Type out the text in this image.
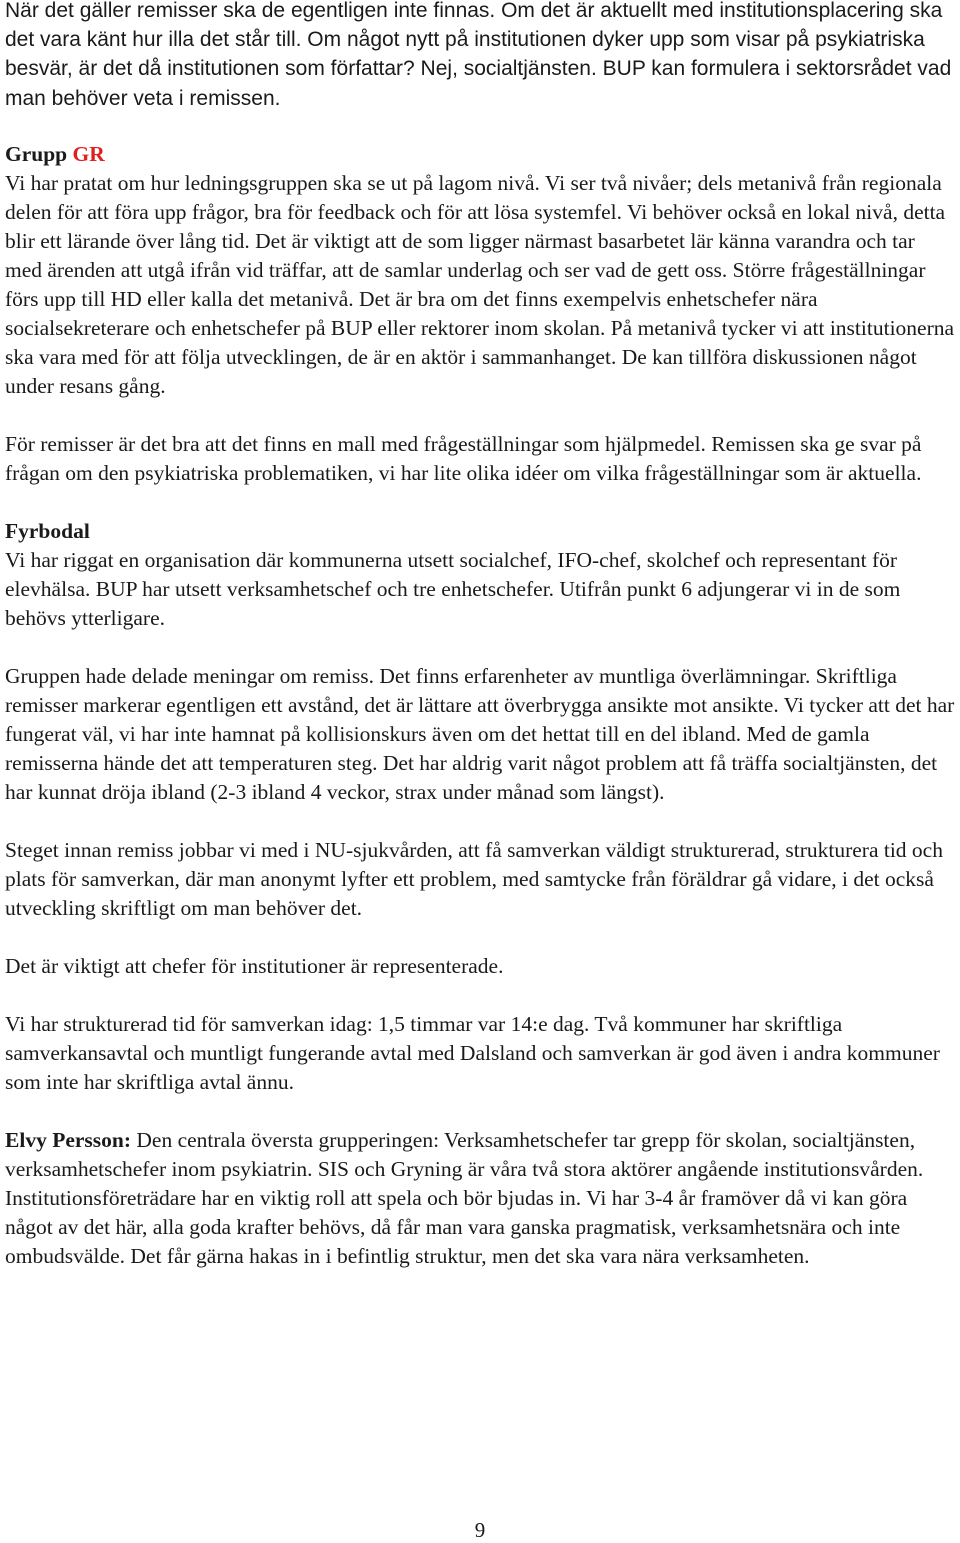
När det gäller remisser ska de egentligen inte finnas. Om det är aktuellt med institutionsplacering ska det vara känt hur illa det står till. Om något nytt på institutionen dyker upp som visar på psykiatriska besvär, är det då institutionen som författar? Nej, socialtjänsten. BUP kan formulera i sektorsrådet vad man behöver veta i remissen.

Grupp GR

Vi har pratat om hur ledningsgruppen ska se ut på lagom nivå. Vi ser två nivåer; dels metanivå från regionala delen för att föra upp frågor, bra för feedback och för att lösa systemfel. Vi behöver också en lokal nivå, detta blir ett lärande över lång tid. Det är viktigt att de som ligger närmast basarbetet lär känna varandra och tar med ärenden att utgå ifrån vid träffar, att de samlar underlag och ser vad de gett oss. Större frågeställningar förs upp till HD eller kalla det metanivå. Det är bra om det finns exempelvis enhetschefer nära socialsekreterare och enhetschefer på BUP eller rektorer inom skolan. På metanivå tycker vi att institutionerna ska vara med för att följa utvecklingen, de är en aktör i sammanhanget. De kan tillföra diskussionen något under resans gång.

För remisser är det bra att det finns en mall med frågeställningar som hjälpmedel. Remissen ska ge svar på frågan om den psykiatriska problematiken, vi har lite olika idéer om vilka frågeställningar som är aktuella.

Fyrbodal

Vi har riggat en organisation där kommunerna utsett socialchef, IFO-chef, skolchef och representant för elevhälsa. BUP har utsett verksamhetschef och tre enhetschefer. Utifrån punkt 6 adjungerar vi in de som behövs ytterligare.

Gruppen hade delade meningar om remiss. Det finns erfarenheter av muntliga överlämningar. Skriftliga remisser markerar egentligen ett avstånd, det är lättare att överbrygga ansikte mot ansikte. Vi tycker att det har fungerat väl, vi har inte hamnat på kollisionskurs även om det hettat till en del ibland. Med de gamla remisserna hände det att temperaturen steg. Det har aldrig varit något problem att få träffa socialtjänsten, det har kunnat dröja ibland (2-3 ibland 4 veckor, strax under månad som längst).

Steget innan remiss jobbar vi med i NU-sjukvården, att få samverkan väldigt strukturerad, strukturera tid och plats för samverkan, där man anonymt lyfter ett problem, med samtycke från föräldrar gå vidare, i det också utveckling skriftligt om man behöver det.

Det är viktigt att chefer för institutioner är representerade.

Vi har strukturerad tid för samverkan idag: 1,5 timmar var 14:e dag. Två kommuner har skriftliga samverkansavtal och muntligt fungerande avtal med Dalsland och samverkan är god även i andra kommuner som inte har skriftliga avtal ännu.

Elvy Persson: Den centrala översta grupperingen: Verksamhetschefer tar grepp för skolan, socialtjänsten, verksamhetschefer inom psykiatrin. SIS och Gryning är våra två stora aktörer angående institutionsvården. Institutionsföreträdare har en viktig roll att spela och bör bjudas in. Vi har 3-4 år framöver då vi kan göra något av det här, alla goda krafter behövs, då får man vara ganska pragmatisk, verksamhetsnära och inte ombudsvälde. Det får gärna hakas in i befintlig struktur, men det ska vara nära verksamheten.

9
